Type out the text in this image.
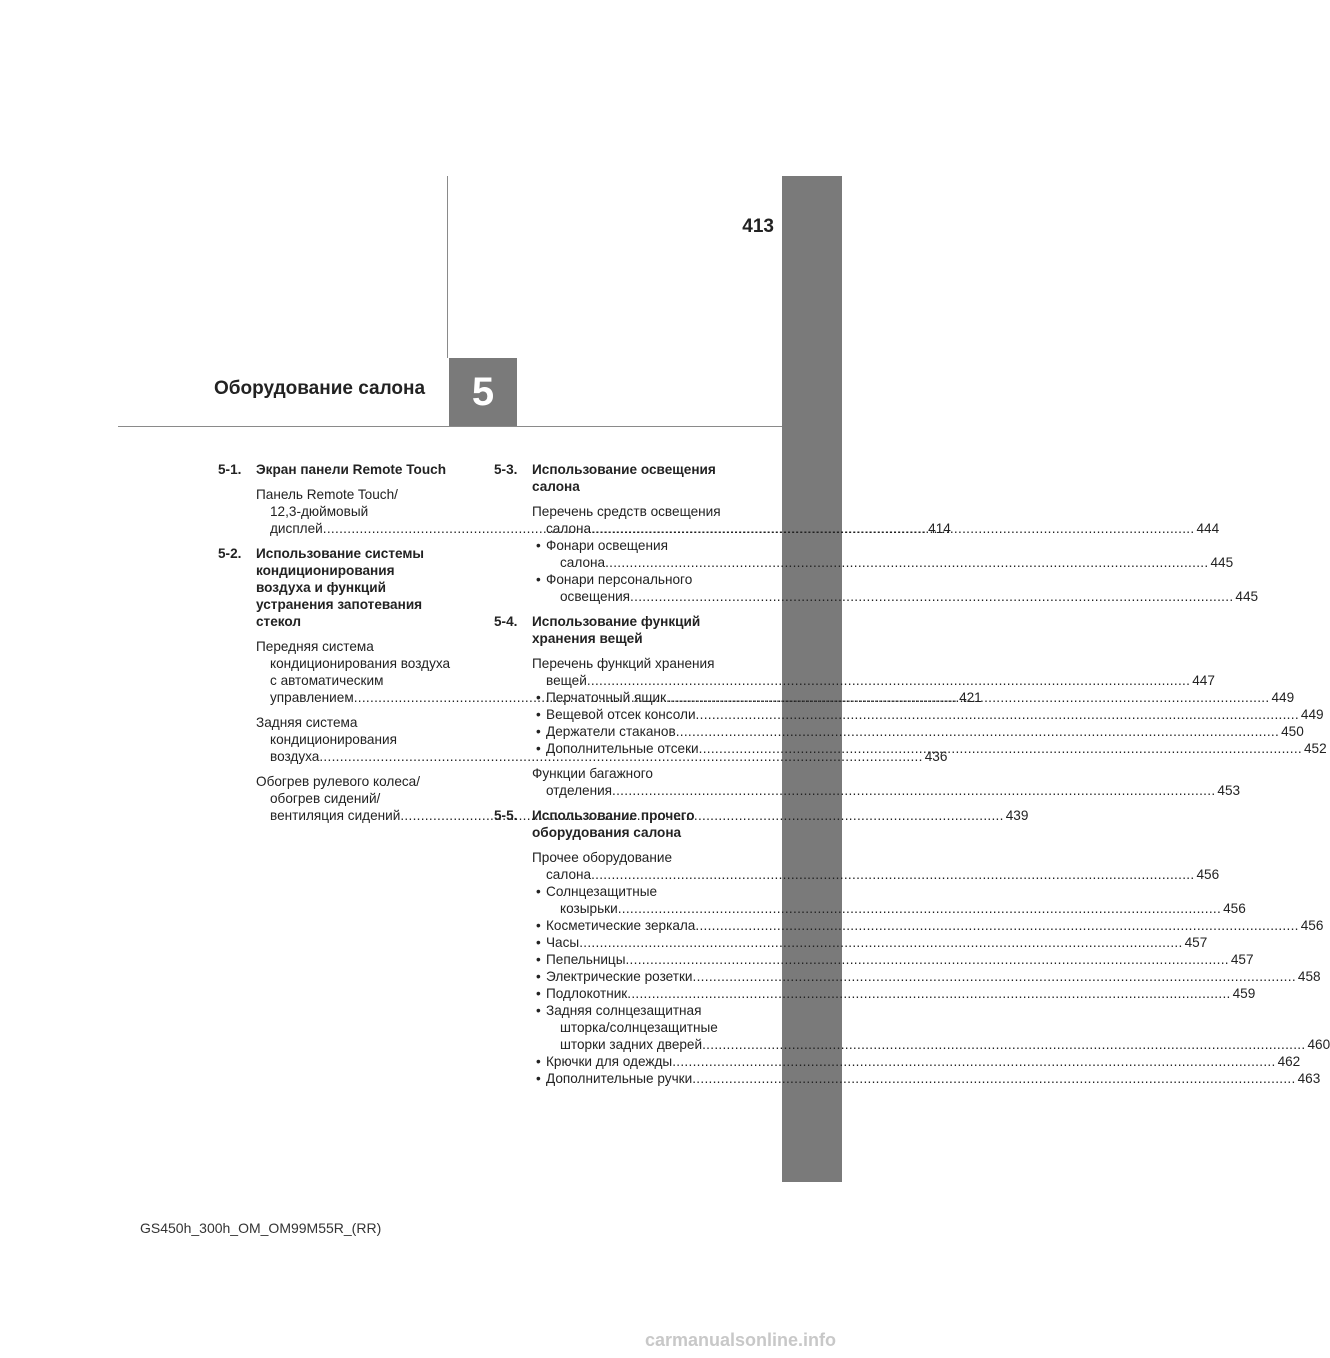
413
5
Оборудование салона
5-1. Экран панели Remote Touch
Панель Remote Touch/
12,3-дюймовый
дисплей .....	414
5-2. Использование системы
кондиционирования
воздуха и функций
устранения запотевания
стекол
Передняя система
кондиционирования воздуха
с автоматическим
управлением .....	421
Задняя система
кондиционирования
воздуха .....	436
Обогрев рулевого колеса/
обогрев сидений/
вентиляция сидений .....	439
5-3. Использование освещения
салона
Перечень средств освещения
салона .....	444
• Фонари освещения
салона .....	445
• Фонари персонального
освещения .....	445
5-4. Использование функций
хранения вещей
Перечень функций хранения
вещей .....	447
• Перчаточный ящик .....	449
• Вещевой отсек консоли .....	449
• Держатели стаканов .....	450
• Дополнительные отсеки .....	452
Функции багажного
отделения .....	453
5-5. Использование прочего
оборудования салона
Прочее оборудование
салона .....	456
• Солнцезащитные
козырьки .....	456
• Косметические зеркала .....	456
• Часы .....	457
• Пепельницы .....	457
• Электрические розетки .....	458
• Подлокотник .....	459
• Задняя солнцезащитная
шторка/солнцезащитные
шторки задних дверей .....	460
• Крючки для одежды .....	462
• Дополнительные ручки .....	463
GS450h_300h_OM_OM99M55R_(RR)
carmanualsonline.info
